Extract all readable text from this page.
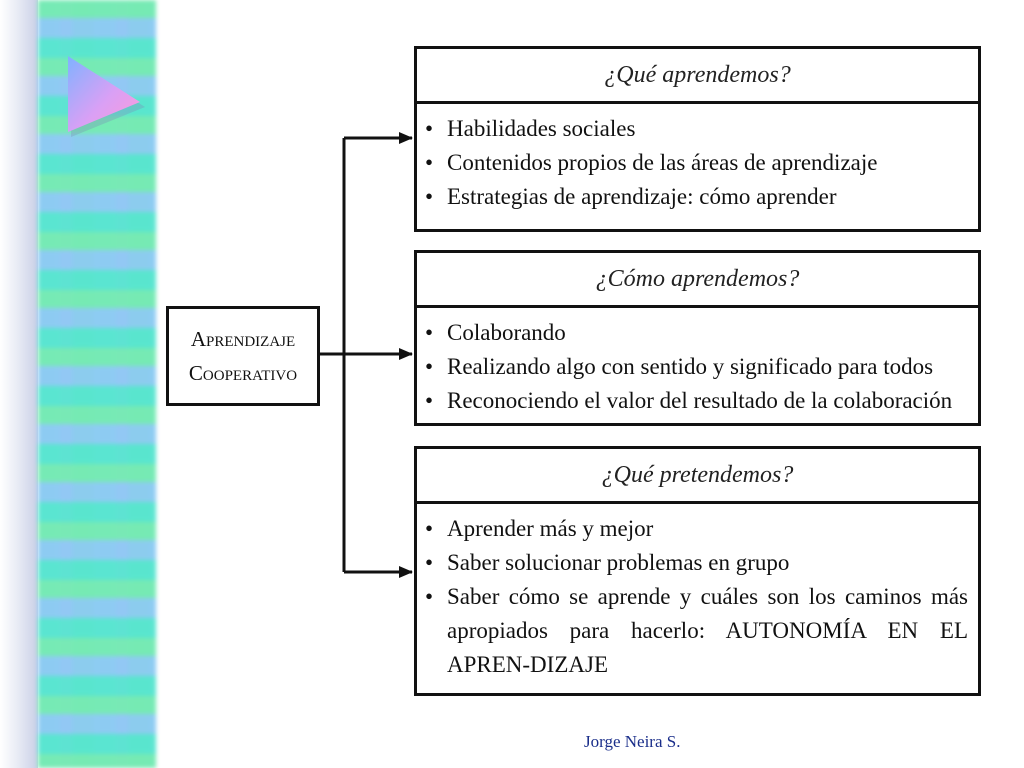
Aprendizaje
Cooperativo
¿Qué aprendemos?
• Habilidades sociales
• Contenidos propios de las áreas de aprendizaje
• Estrategias de aprendizaje: cómo aprender
¿Cómo aprendemos?
• Colaborando
• Realizando algo con sentido y significado para todos
• Reconociendo el valor del resultado de la colaboración
¿Qué pretendemos?
• Aprender más y mejor
• Saber solucionar problemas en grupo
• Saber cómo se aprende y cuáles son los caminos más apropiados para hacerlo: AUTONOMÍA EN EL APREN-DIZAJE
Jorge Neira S.
